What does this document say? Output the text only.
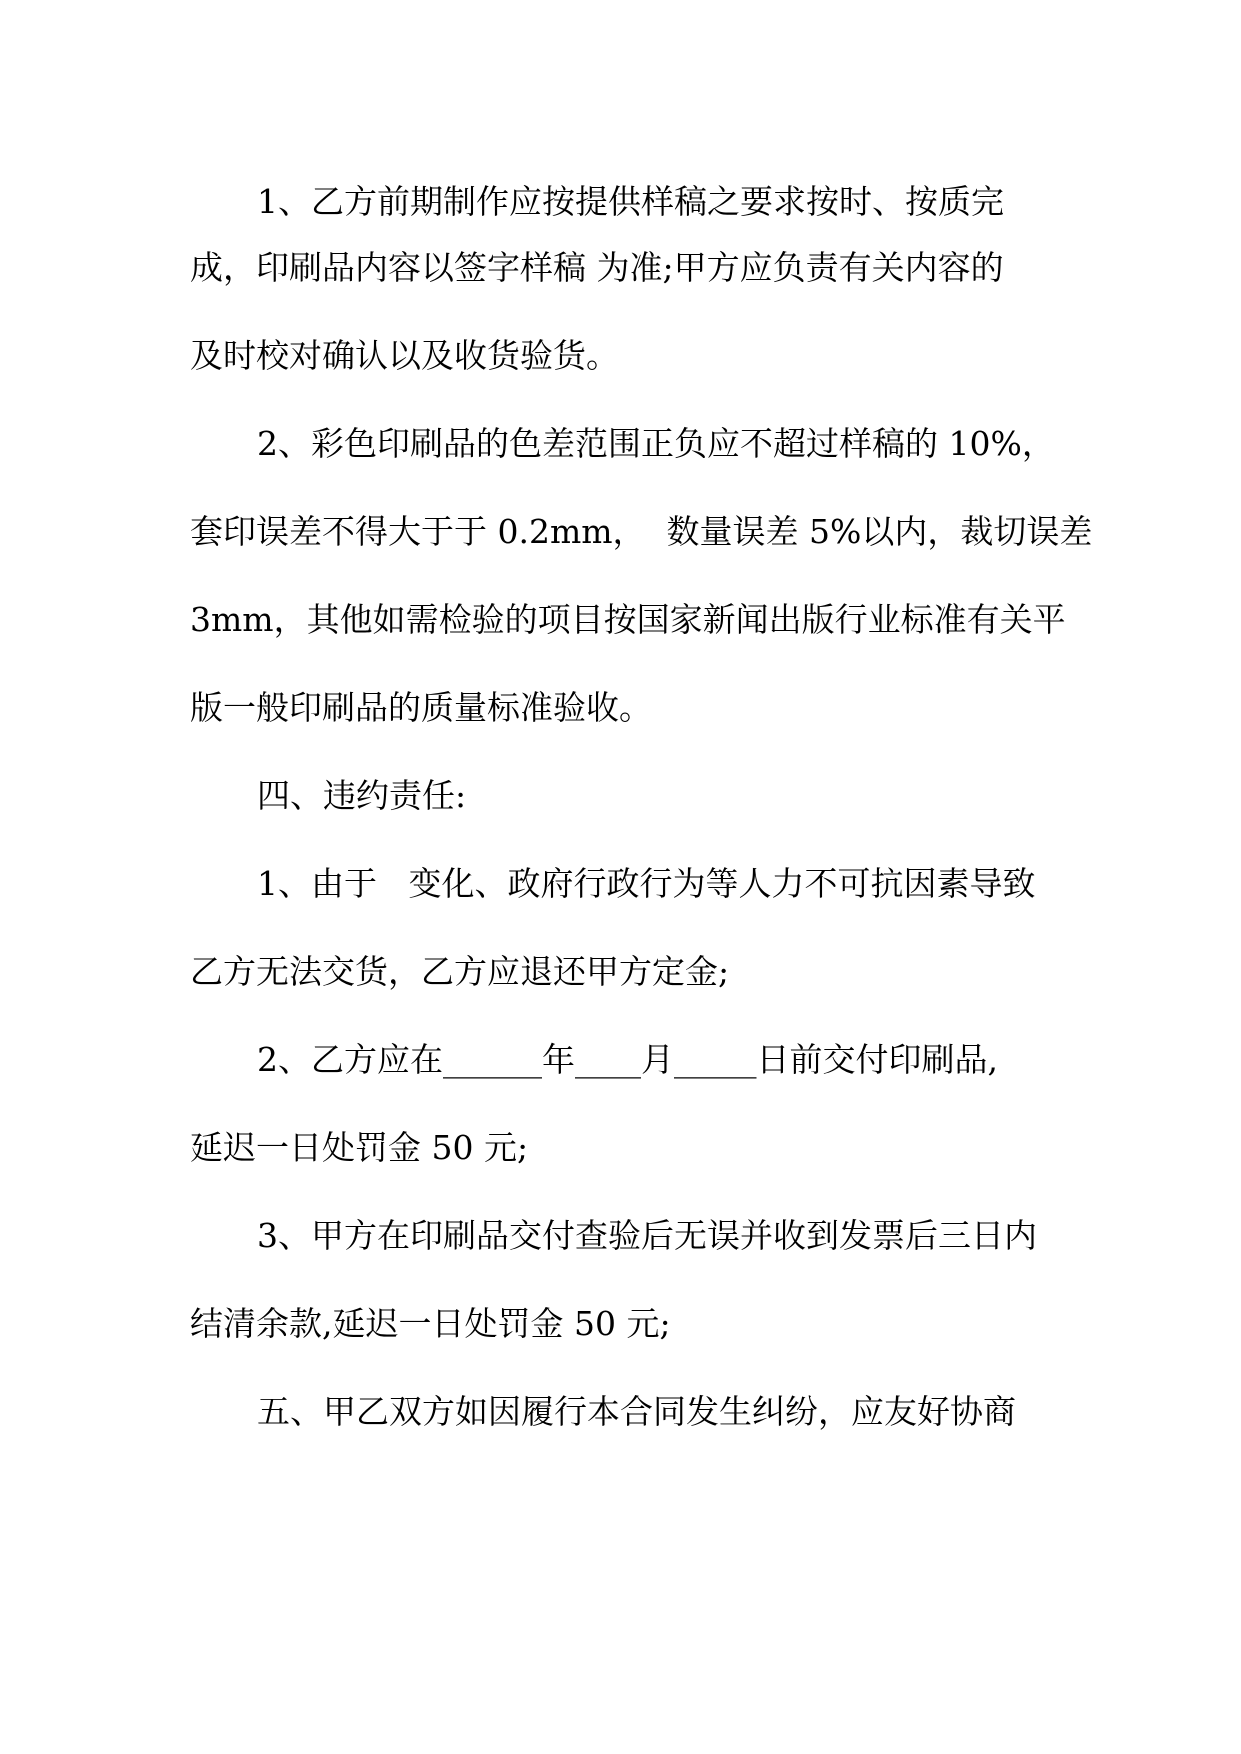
1、乙方前期制作应按提供样稿之要求按时、按质完

成，印刷品内容以签字样稿 为准;甲方应负责有关内容的

及时校对确认以及收货验货。

2、彩色印刷品的色差范围正负应不超过样稿的 10%，

套印误差不得大于于 0.2mm，  数量误差 5%以内，裁切误差

3mm，其他如需检验的项目按国家新闻出版行业标准有关平

版一般印刷品的质量标准验收。

四、违约责任:

1、由于   变化、政府行政行为等人力不可抗因素导致

乙方无法交货，乙方应退还甲方定金;

2、乙方应在______年____月_____日前交付印刷品,

延迟一日处罚金 50 元;

3、甲方在印刷品交付查验后无误并收到发票后三日内

结清余款,延迟一日处罚金 50 元;

五、甲乙双方如因履行本合同发生纠纷，应友好协商
